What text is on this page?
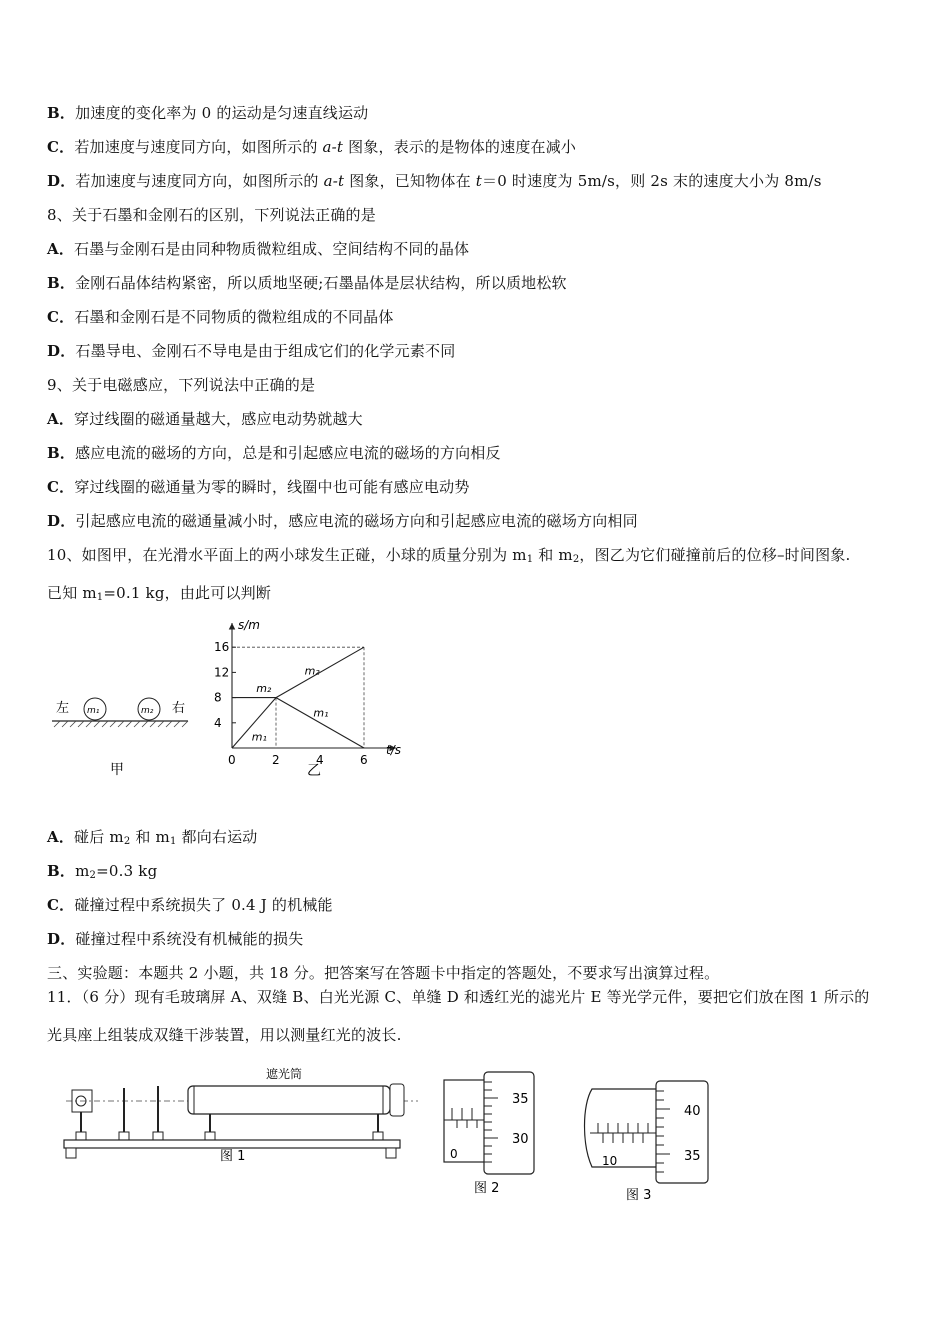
B．加速度的变化率为 0 的运动是匀速直线运动
C．若加速度与速度同方向，如图所示的 a-t 图象，表示的是物体的速度在减小
D．若加速度与速度同方向，如图所示的 a-t 图象，已知物体在 t＝0 时速度为 5m/s，则 2s 末的速度大小为 8m/s
8、关于石墨和金刚石的区别，下列说法正确的是
A．石墨与金刚石是由同种物质微粒组成、空间结构不同的晶体
B．金刚石晶体结构紧密，所以质地坚硬;石墨晶体是层状结构，所以质地松软
C．石墨和金刚石是不同物质的微粒组成的不同晶体
D．石墨导电、金刚石不导电是由于组成它们的化学元素不同
9、关于电磁感应，下列说法中正确的是
A．穿过线圈的磁通量越大，感应电动势就越大
B．感应电流的磁场的方向，总是和引起感应电流的磁场的方向相反
C．穿过线圈的磁通量为零的瞬时，线圈中也可能有感应电动势
D．引起感应电流的磁通量减小时，感应电流的磁场方向和引起感应电流的磁场方向相同
10、如图甲，在光滑水平面上的两小球发生正碰，小球的质量分别为 $m_1$ 和 $m_2$，图乙为它们碰撞前后的位移–时间图象.
已知 $m_1=0.1$ kg，由此可以判断
左 m₁	m₂ 右
甲
s/m
t/s
16
12
8
4
0	2	4	6
m₂
m₂
m₁
m₁
乙
A．碰后 $m_2$ 和 $m_1$ 都向右运动
B．$m_2=0.3$ kg
C．碰撞过程中系统损失了 0.4 J 的机械能
D．碰撞过程中系统没有机械能的损失
三、实验题：本题共 2 小题，共 18 分。把答案写在答题卡中指定的答题处，不要求写出演算过程。
11．（6 分）现有毛玻璃屏 A、双缝 B、白光光源 C、单缝 D 和透红光的滤光片 E 等光学元件，要把它们放在图 1 所示的
光具座上组装成双缝干涉装置，用以测量红光的波长.
遮光筒
图 1	0
35
30
图 2
10
40
35
图 3
